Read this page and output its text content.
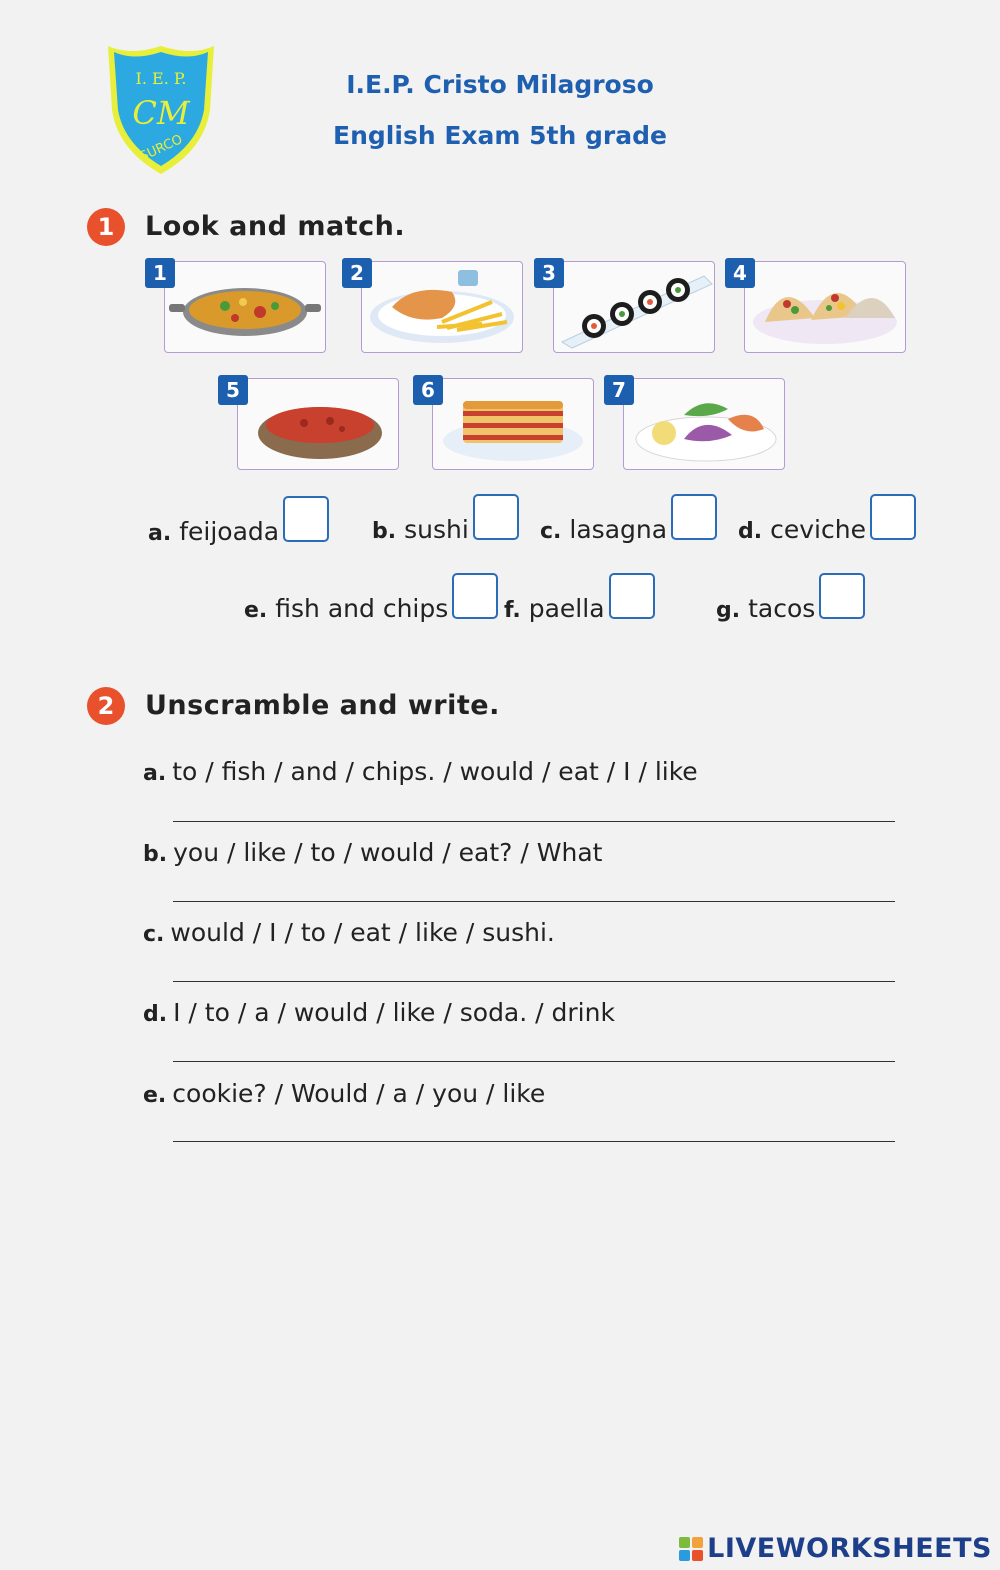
I. E. P.
CM
SURCO
I.E.P. Cristo Milagroso
English Exam 5th grade
1	Look and match.
1	2	3	4
5	6	7
a. feijoada	b. sushi	c. lasagna	d. ceviche
e. fish and chips	f. paella	g. tacos
2	Unscramble and write.
a. to / fish / and / chips. / would / eat / I / like
b. you / like / to / would / eat? / What
c. would / I / to / eat / like / sushi.
d. I / to / a / would / like / soda. / drink
e. cookie? / Would / a / you / like
LIVEWORKSHEETS
